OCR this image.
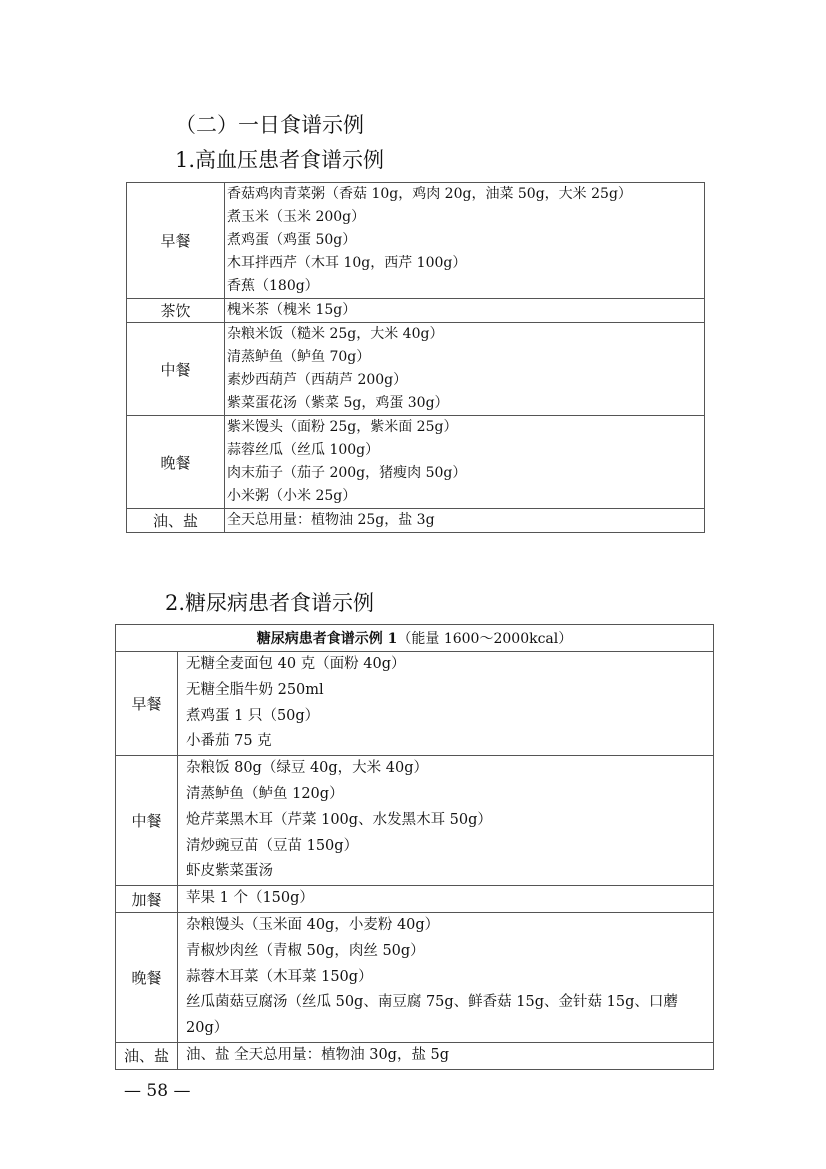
（二）一日食谱示例
1.高血压患者食谱示例
早餐	香菇鸡肉青菜粥（香菇 10g，鸡肉 20g，油菜 50g，大米 25g）
煮玉米（玉米 200g）
煮鸡蛋（鸡蛋 50g）
木耳拌西芹（木耳 10g，西芹 100g）
香蕉（180g）

茶饮	槐米茶（槐米 15g）

中餐	杂粮米饭（糙米 25g，大米 40g）
清蒸鲈鱼（鲈鱼 70g）
素炒西葫芦（西葫芦 200g）
紫菜蛋花汤（紫菜 5g，鸡蛋 30g）

晚餐	紫米馒头（面粉 25g，紫米面 25g）
蒜蓉丝瓜（丝瓜 100g）
肉末茄子（茄子 200g，猪瘦肉 50g）
小米粥（小米 25g）

油、盐	全天总用量：植物油 25g，盐 3g
2.糖尿病患者食谱示例
糖尿病患者食谱示例 1（能量 1600～2000kcal）	
早餐	无糖全麦面包 40 克（面粉 40g）
无糖全脂牛奶 250ml
煮鸡蛋 1 只（50g）
小番茄 75 克

中餐	杂粮饭 80g（绿豆 40g，大米 40g）
清蒸鲈鱼（鲈鱼 120g）
炝芹菜黑木耳（芹菜 100g、水发黑木耳 50g）
清炒豌豆苗（豆苗 150g）
虾皮紫菜蛋汤

加餐	苹果 1 个（150g）

晚餐	杂粮馒头（玉米面 40g，小麦粉 40g）
青椒炒肉丝（青椒 50g，肉丝 50g）
蒜蓉木耳菜（木耳菜 150g）
丝瓜菌菇豆腐汤（丝瓜 50g、南豆腐 75g、鲜香菇 15g、金针菇 15g、口蘑 20g）

油、盐	油、盐 全天总用量：植物油 30g，盐 5g
— 58 —
